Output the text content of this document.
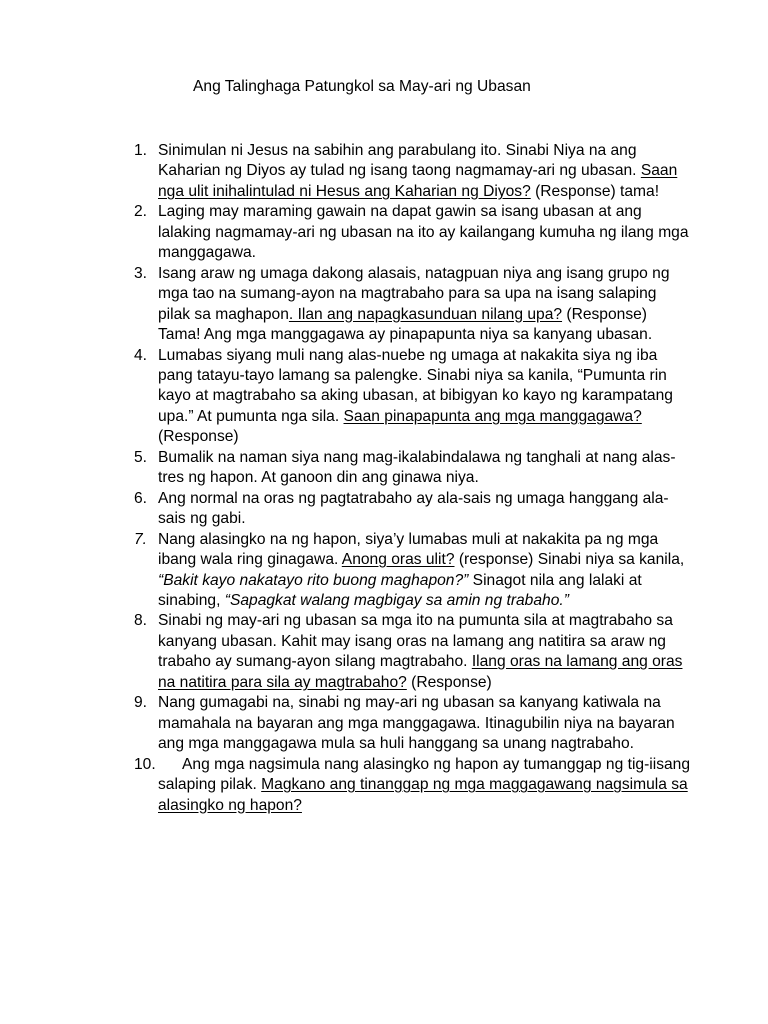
Ang Talinghaga Patungkol sa May-ari ng Ubasan
1. Sinimulan ni Jesus na sabihin ang parabulang ito. Sinabi Niya na ang Kaharian ng Diyos ay tulad ng isang taong nagmamay-ari ng ubasan. Saan nga ulit inihalintulad ni Hesus ang Kaharian ng Diyos? (Response) tama!
2. Laging may maraming gawain na dapat gawin sa isang ubasan at ang lalaking nagmamay-ari ng ubasan na ito ay kailangang kumuha ng ilang mga manggagawa.
3. Isang araw ng umaga dakong alasais, natagpuan niya ang isang grupo ng mga tao na sumang-ayon na magtrabaho para sa upa na isang salaping pilak sa maghapon. Ilan ang napagkasunduan nilang upa? (Response) Tama! Ang mga manggagawa ay pinapapunta niya sa kanyang ubasan.
4. Lumabas siyang muli nang alas-nuebe ng umaga at nakakita siya ng iba pang tatayu-tayo lamang sa palengke. Sinabi niya sa kanila, “Pumunta rin kayo at magtrabaho sa aking ubasan, at bibigyan ko kayo ng karampatang upa.” At pumunta nga sila. Saan pinapapunta ang mga manggagawa? (Response)
5. Bumalik na naman siya nang mag-ikalabindalawa ng tanghali at nang alas-tres ng hapon. At ganoon din ang ginawa niya.
6. Ang normal na oras ng pagtatrabaho ay ala-sais ng umaga hanggang ala-sais ng gabi.
7. Nang alasingko na ng hapon, siya’y lumabas muli at nakakita pa ng mga ibang wala ring ginagawa. Anong oras ulit? (response) Sinabi niya sa kanila, “Bakit kayo nakatayo rito buong maghapon?” Sinagot nila ang lalaki at sinabing, “Sapagkat walang magbigay sa amin ng trabaho.”
8. Sinabi ng may-ari ng ubasan sa mga ito na pumunta sila at magtrabaho sa kanyang ubasan. Kahit may isang oras na lamang ang natitira sa araw ng trabaho ay sumang-ayon silang magtrabaho. Ilang oras na lamang ang oras na natitira para sila ay magtrabaho? (Response)
9. Nang gumagabi na, sinabi ng may-ari ng ubasan sa kanyang katiwala na mamahala na bayaran ang mga manggagawa. Itinagubilin niya na bayaran ang mga manggagawa mula sa huli hanggang sa unang nagtrabaho.
10. Ang mga nagsimula nang alasingko ng hapon ay tumanggap ng tig-iisang salaping pilak. Magkano ang tinanggap ng mga maggagawang nagsimula sa alasingko ng hapon?
